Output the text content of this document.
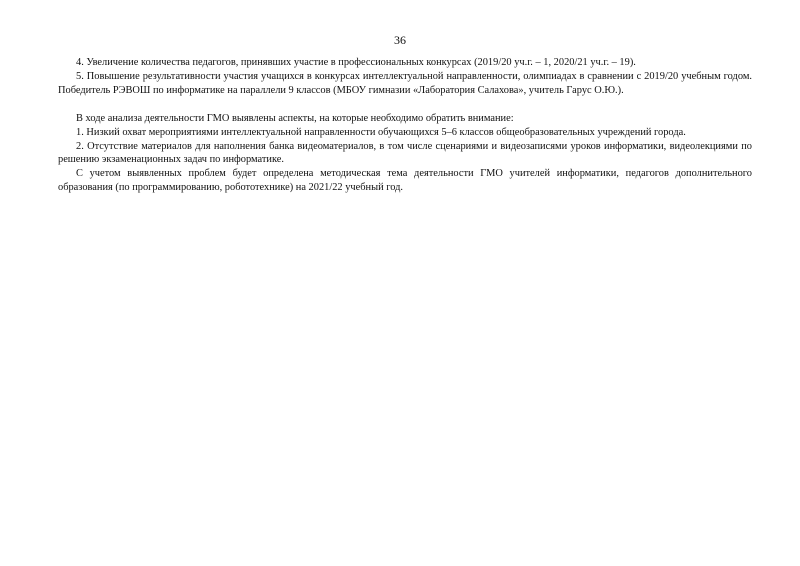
36

4. Увеличение количества педагогов, принявших участие в профессиональных конкурсах (2019/20 уч.г. – 1, 2020/21 уч.г. – 19).

5. Повышение результативности участия учащихся в конкурсах интеллектуальной направленности, олимпиадах в сравнении с 2019/20 учебным годом. Победитель РЭВОШ по информатике на параллели 9 классов (МБОУ гимназии «Лаборатория Салахова», учитель Гарус О.Ю.).

В ходе анализа деятельности ГМО выявлены аспекты, на которые необходимо обратить внимание:

1. Низкий охват мероприятиями интеллектуальной направленности обучающихся 5–6 классов общеобразовательных учреждений города.

2. Отсутствие материалов для наполнения банка видеоматериалов, в том числе сценариями и видеозаписями уроков информатики, видеолекциями по решению экзаменационных задач по информатике.

С учетом выявленных проблем будет определена методическая тема деятельности ГМО учителей информатики, педагогов дополнительного образования (по программированию, робототехнике) на 2021/22 учебный год.
